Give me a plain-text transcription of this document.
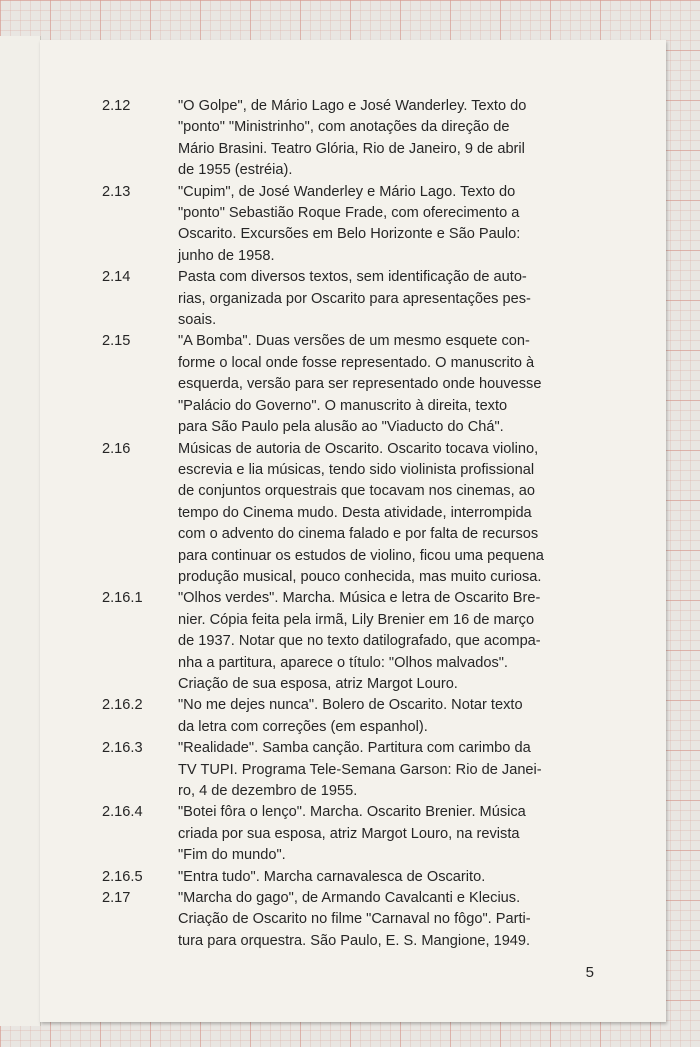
2.12	"O Golpe", de Mário Lago e José Wanderley. Texto do
"ponto" "Ministrinho", com anotações da direção de
Mário Brasini. Teatro Glória, Rio de Janeiro, 9 de abril
de 1955 (estréia).
2.13	"Cupim", de José Wanderley e Mário Lago. Texto do
"ponto" Sebastião Roque Frade, com oferecimento a
Oscarito. Excursões em Belo Horizonte e São Paulo:
junho de 1958.
2.14	Pasta com diversos textos, sem identificação de auto-
rias, organizada por Oscarito para apresentações pes-
soais.
2.15	"A Bomba". Duas versões de um mesmo esquete con-
forme o local onde fosse representado. O manuscrito à
esquerda, versão para ser representado onde houvesse
"Palácio do Governo". O manuscrito à direita, texto
para São Paulo pela alusão ao "Viaducto do Chá".
2.16	Músicas de autoria de Oscarito. Oscarito tocava violino,
escrevia e lia músicas, tendo sido violinista profissional
de conjuntos orquestrais que tocavam nos cinemas, ao
tempo do Cinema mudo. Desta atividade, interrompida
com o advento do cinema falado e por falta de recursos
para continuar os estudos de violino, ficou uma pequena
produção musical, pouco conhecida, mas muito curiosa.
2.16.1	"Olhos verdes". Marcha. Música e letra de Oscarito Bre-
nier. Cópia feita pela irmã, Lily Brenier em 16 de março
de 1937. Notar que no texto datilografado, que acompa-
nha a partitura, aparece o título: "Olhos malvados".
Criação de sua esposa, atriz Margot Louro.
2.16.2	"No me dejes nunca". Bolero de Oscarito. Notar texto
da letra com correções (em espanhol).
2.16.3	"Realidade". Samba canção. Partitura com carimbo da
TV TUPI. Programa Tele-Semana Garson: Rio de Janei-
ro, 4 de dezembro de 1955.
2.16.4	"Botei fôra o lenço". Marcha. Oscarito Brenier. Música
criada por sua esposa, atriz Margot Louro, na revista
"Fim do mundo".
2.16.5	"Entra tudo". Marcha carnavalesca de Oscarito.
2.17	"Marcha do gago", de Armando Cavalcanti e Klecius.
Criação de Oscarito no filme "Carnaval no fôgo". Parti-
tura para orquestra. São Paulo, E. S. Mangione, 1949.
5
